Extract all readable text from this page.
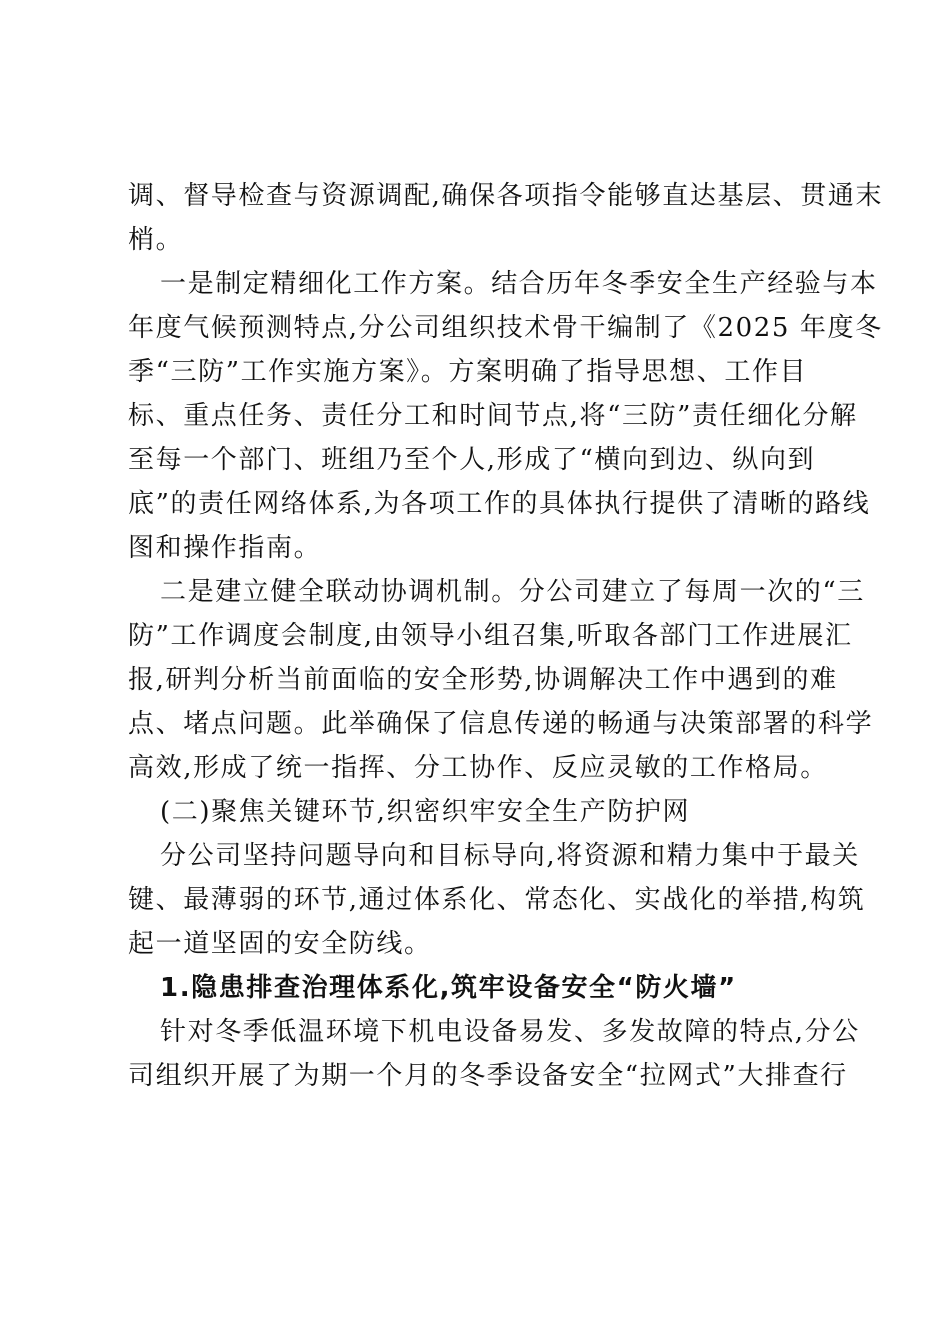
调、督导检查与资源调配,确保各项指令能够直达基层、贯通末
梢。
一是制定精细化工作方案。结合历年冬季安全生产经验与本
年度气候预测特点,分公司组织技术骨干编制了《2025 年度冬
季“三防”工作实施方案》。方案明确了指导思想、工作目
标、重点任务、责任分工和时间节点,将“三防”责任细化分解
至每一个部门、班组乃至个人,形成了“横向到边、纵向到
底”的责任网络体系,为各项工作的具体执行提供了清晰的路线
图和操作指南。
二是建立健全联动协调机制。分公司建立了每周一次的“三
防”工作调度会制度,由领导小组召集,听取各部门工作进展汇
报,研判分析当前面临的安全形势,协调解决工作中遇到的难
点、堵点问题。此举确保了信息传递的畅通与决策部署的科学
高效,形成了统一指挥、分工协作、反应灵敏的工作格局。
(二)聚焦关键环节,织密织牢安全生产防护网
分公司坚持问题导向和目标导向,将资源和精力集中于最关
键、最薄弱的环节,通过体系化、常态化、实战化的举措,构筑
起一道坚固的安全防线。
1.隐患排查治理体系化,筑牢设备安全“防火墙”
针对冬季低温环境下机电设备易发、多发故障的特点,分公
司组织开展了为期一个月的冬季设备安全“拉网式”大排查行
